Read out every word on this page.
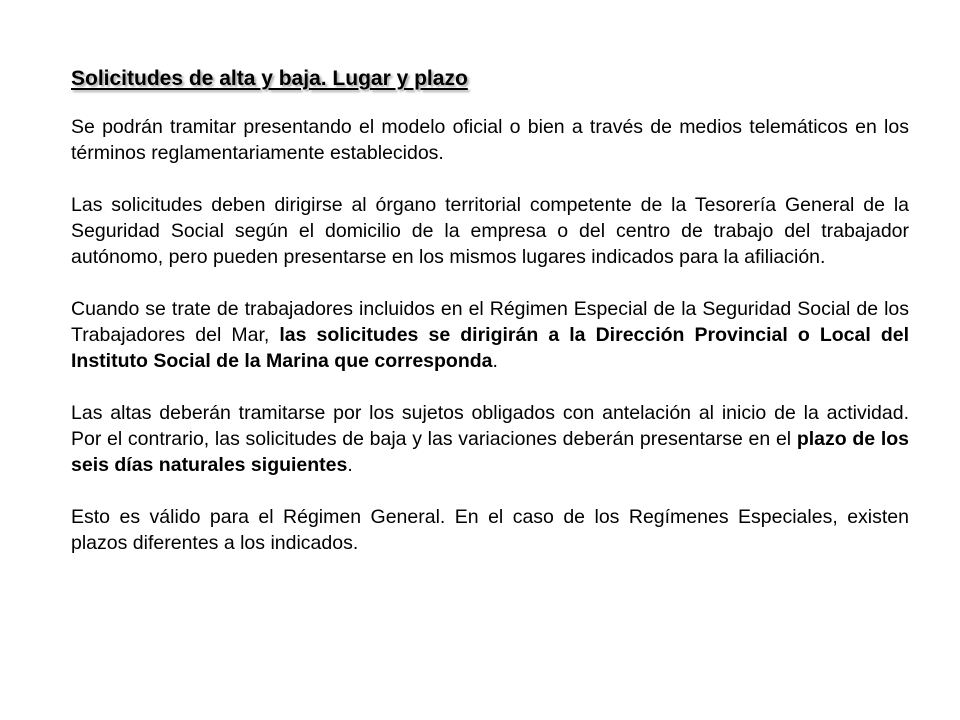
Solicitudes de alta y baja. Lugar y plazo

Se podrán tramitar presentando el modelo oficial o bien a través de medios telemáticos en los términos reglamentariamente establecidos.

Las solicitudes deben dirigirse al órgano territorial competente de la Tesorería General de la Seguridad Social según el domicilio de la empresa o del centro de trabajo del trabajador autónomo, pero pueden presentarse en los mismos lugares indicados para la afiliación.

Cuando se trate de trabajadores incluidos en el Régimen Especial de la Seguridad Social de los Trabajadores del Mar, las solicitudes se dirigirán a la Dirección Provincial o Local del Instituto Social de la Marina que corresponda.

Las altas deberán tramitarse por los sujetos obligados con antelación al inicio de la actividad. Por el contrario, las solicitudes de baja y las variaciones deberán presentarse en el plazo de los seis días naturales siguientes.

Esto es válido para el Régimen General. En el caso de los Regímenes Especiales, existen plazos diferentes a los indicados.
